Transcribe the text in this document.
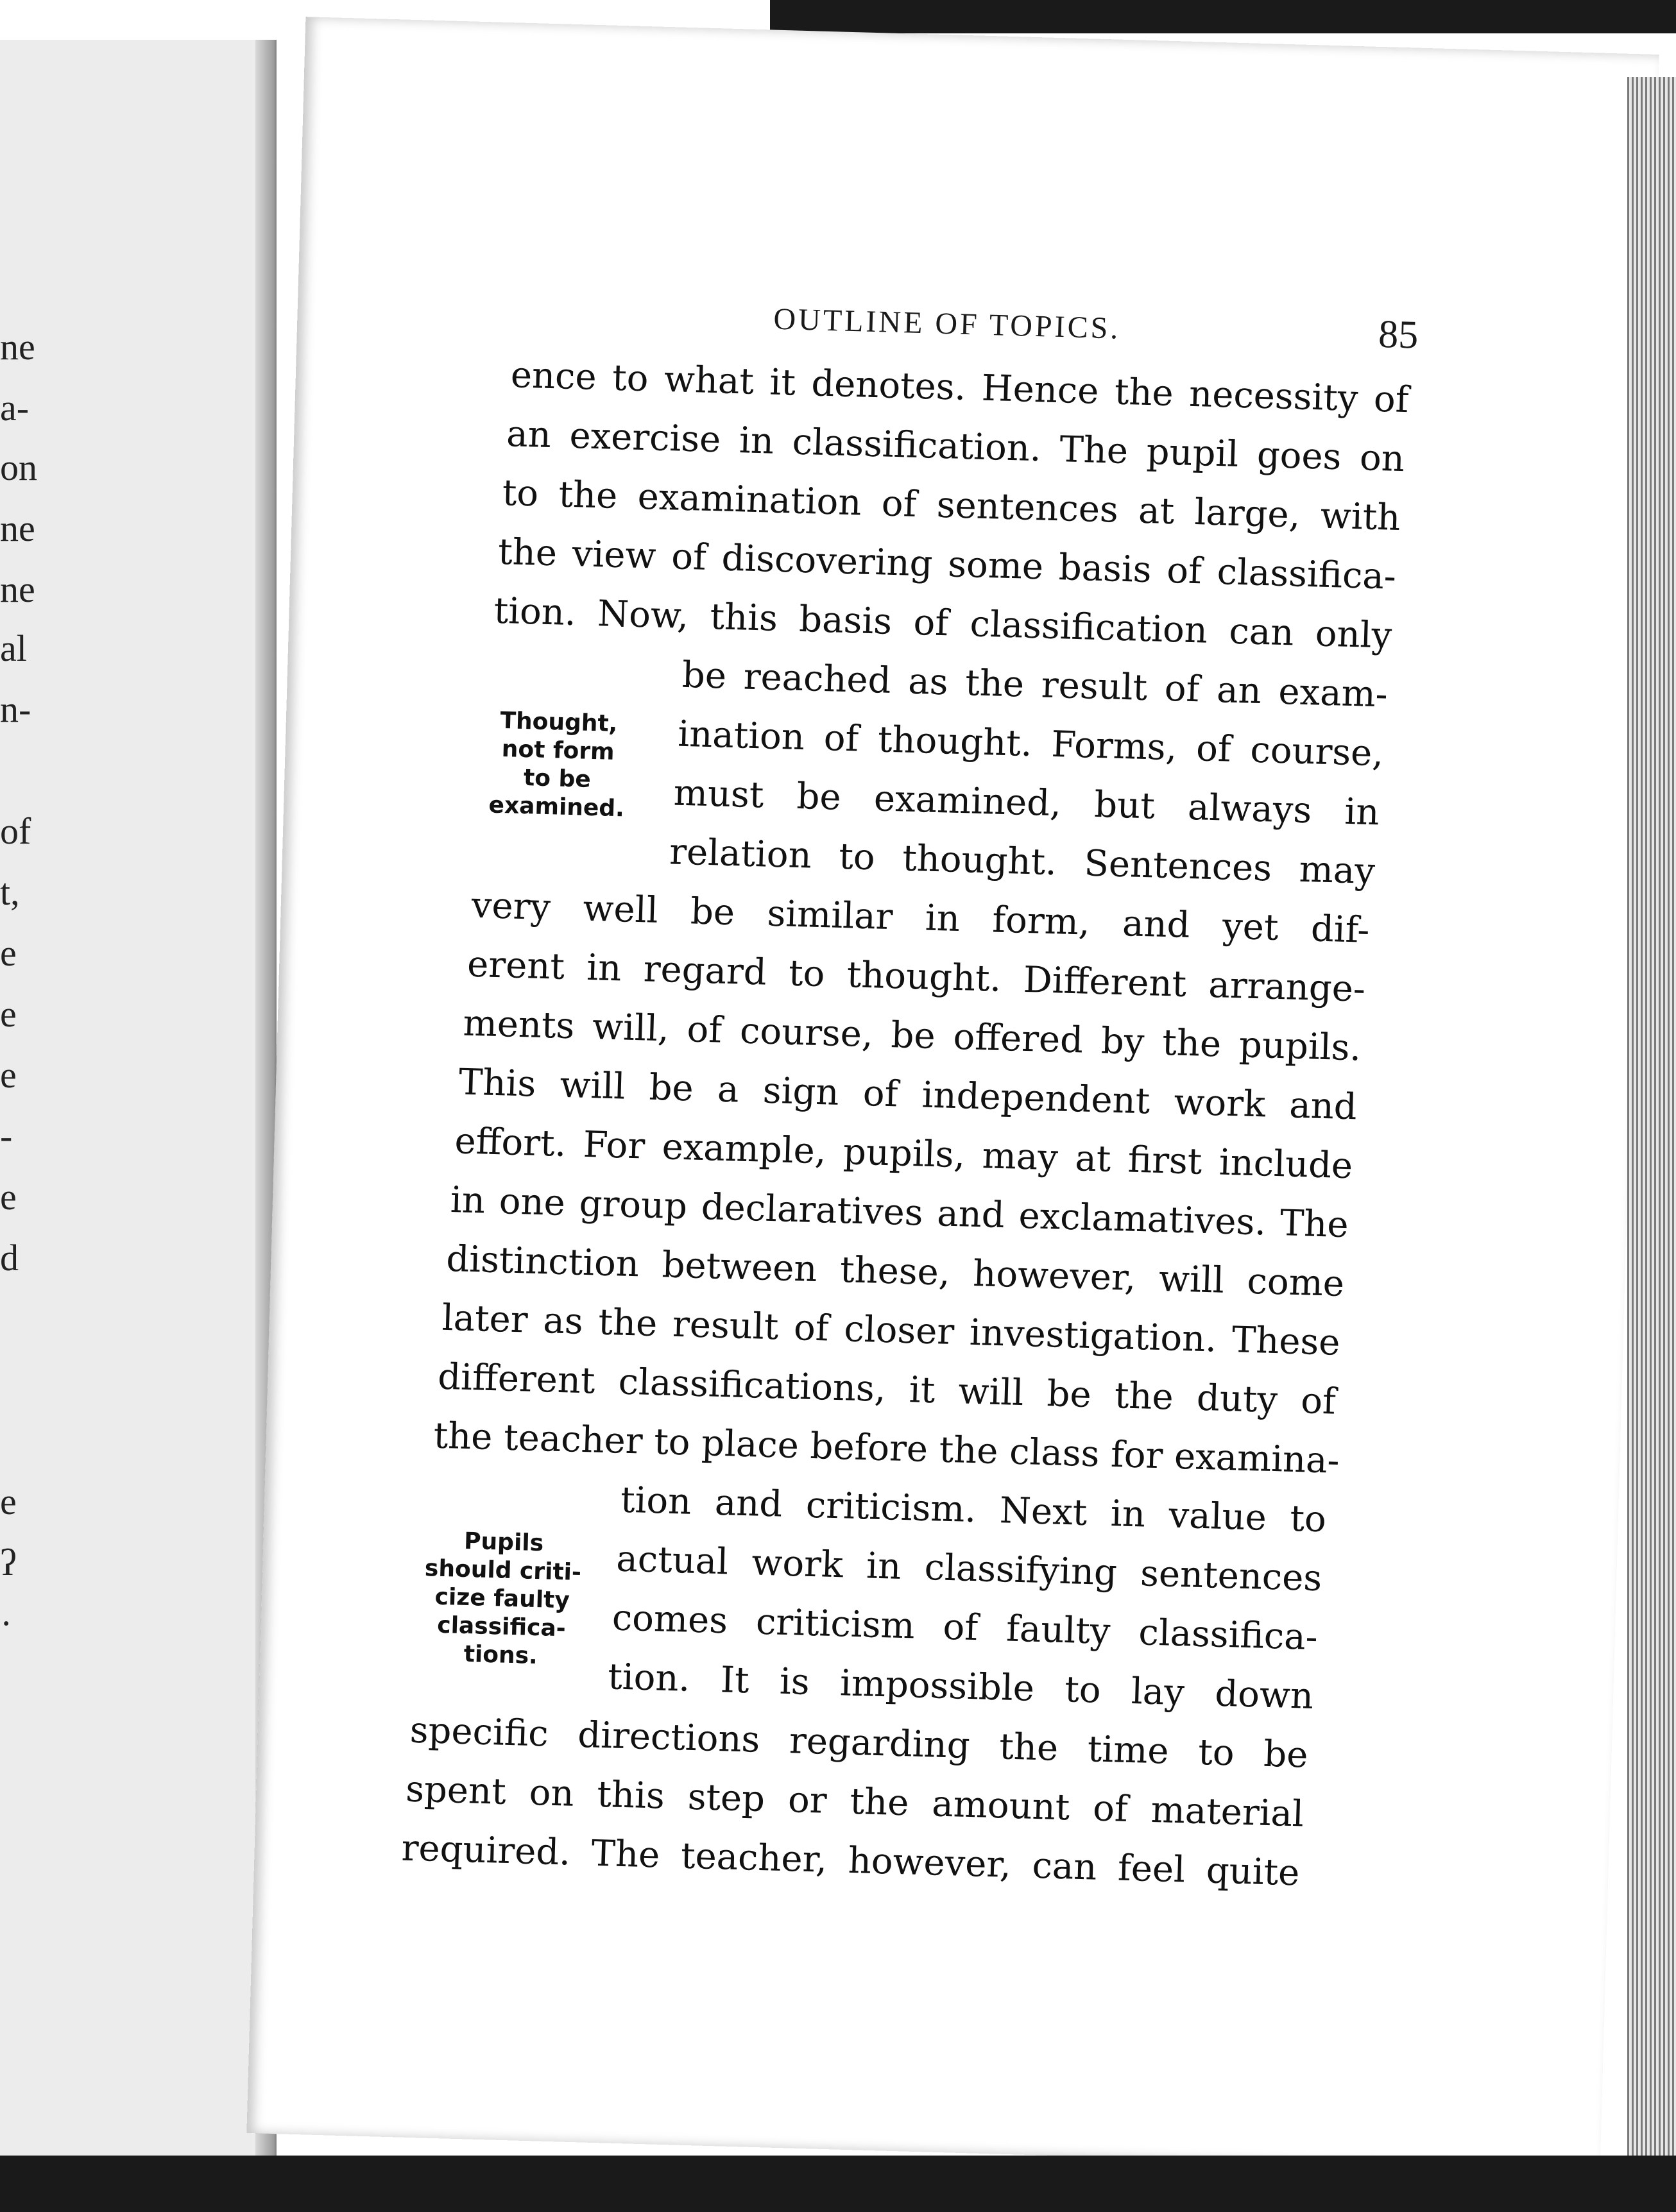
ne
a-
on
ne
ne
al
n-
of
t,
e
e
e
-
e
d
e
ʔ
·
OUTLINE OF TOPICS.	85
ence to what it denotes. Hence the necessity of
an exercise in classification. The pupil goes on
to the examination of sentences at large, with
the view of discovering some basis of classifica-
tion. Now, this basis of classification can only
be reached as the result of an exam-
ination of thought. Forms, of course,
must be examined, but always in
relation to thought. Sentences may
very well be similar in form, and yet dif-
erent in regard to thought. Different arrange-
ments will, of course, be offered by the pupils.
This will be a sign of independent work and
effort. For example, pupils, may at first include
in one group declaratives and exclamatives. The
distinction between these, however, will come
later as the result of closer investigation. These
different classifications, it will be the duty of
the teacher to place before the class for examina-
tion and criticism. Next in value to
actual work in classifying sentences
comes criticism of faulty classifica-
tion. It is impossible to lay down
specific directions regarding the time to be
spent on this step or the amount of material
required. The teacher, however, can feel quite
Thought,
not form
to be
examined.
Pupils
should criti-
cize faulty
classifica-
tions.
